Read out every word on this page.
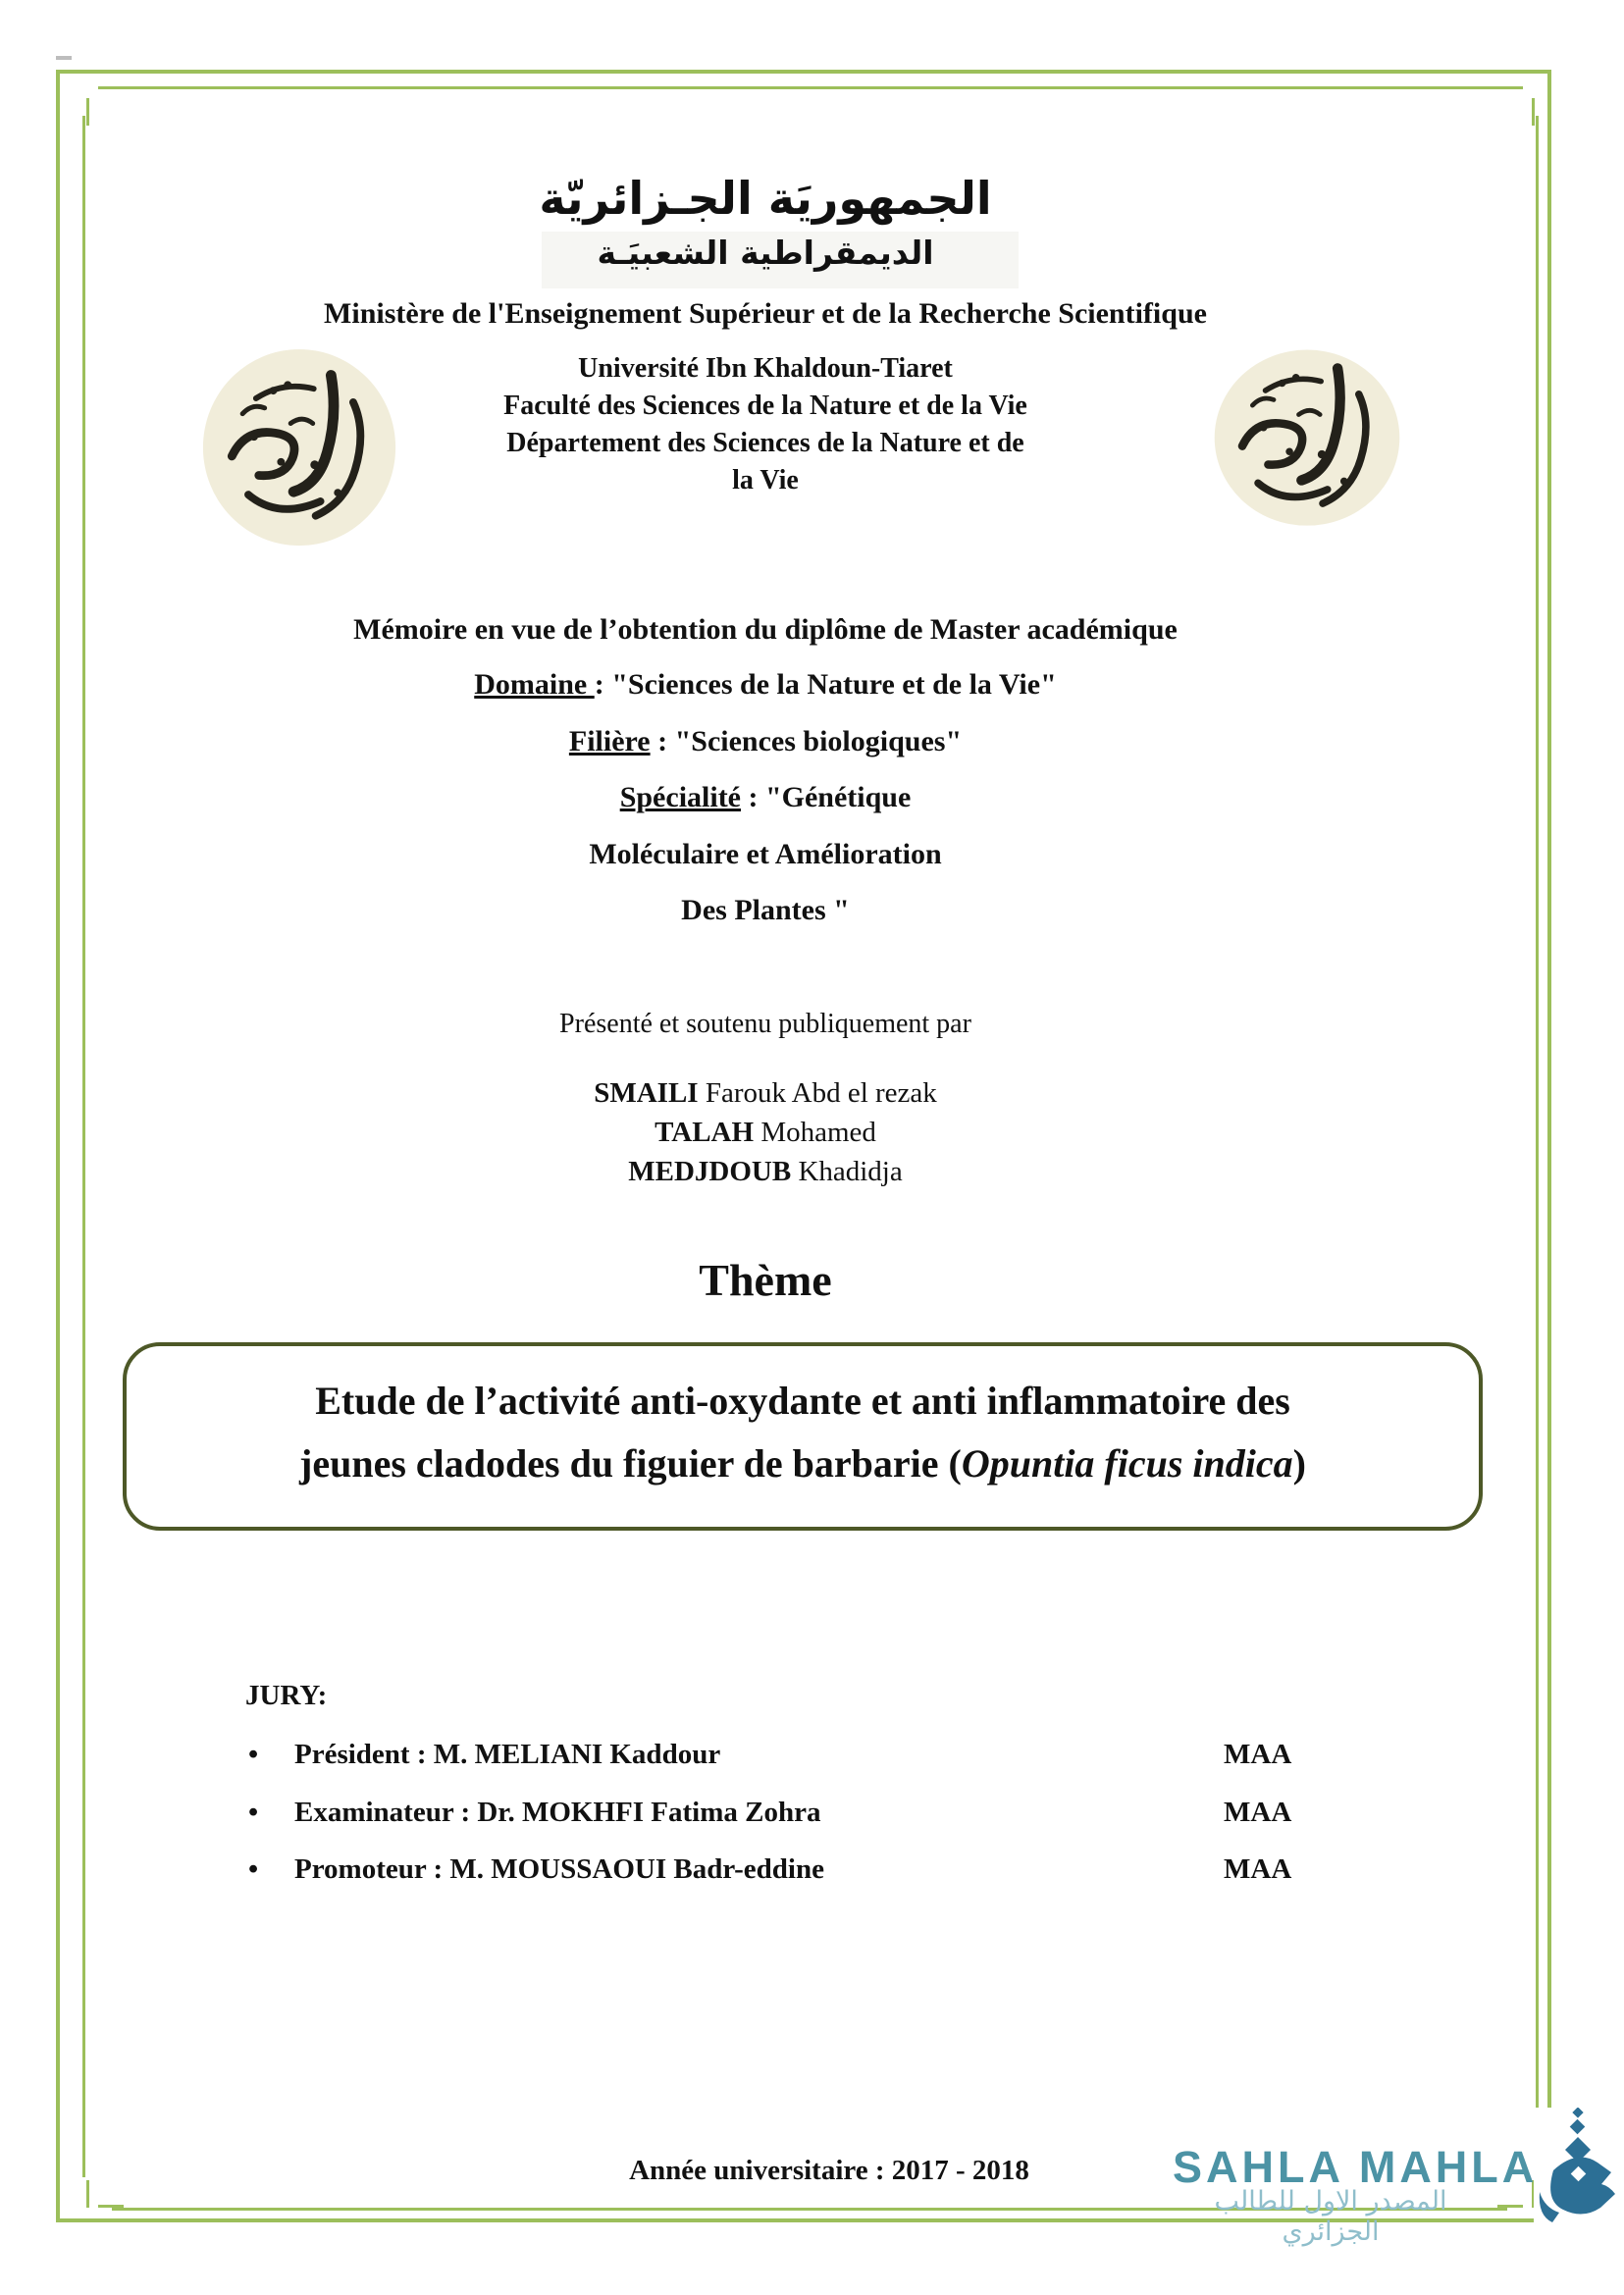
الجمهوريَة الجـزائريّة
الديمقراطية الشعبيَـة
Ministère de l'Enseignement Supérieur et de la Recherche Scientifique
Université Ibn Khaldoun-Tiaret
Faculté des Sciences de la Nature et de la Vie
Département des Sciences de la Nature et de
la Vie
Mémoire en vue de l’obtention du diplôme de Master académique
Domaine : "Sciences de la Nature et de la Vie"
Filière : "Sciences biologiques"
Spécialité : "Génétique
Moléculaire et Amélioration
Des Plantes "
Présenté et soutenu publiquement par
SMAILI Farouk Abd el rezak
TALAH Mohamed
MEDJDOUB Khadidja
Thème
Etude de l’activité anti-oxydante et anti inflammatoire des
jeunes cladodes du figuier de barbarie (Opuntia ficus indica)
JURY:
• Président : M. MELIANI Kaddour	MAA
• Examinateur : Dr. MOKHFI Fatima Zohra	MAA
• Promoteur : M. MOUSSAOUI Badr-eddine	MAA
Année universitaire : 2017 - 2018	SAHLA MAHLA
المصدر الاول للطالب الجزائري
